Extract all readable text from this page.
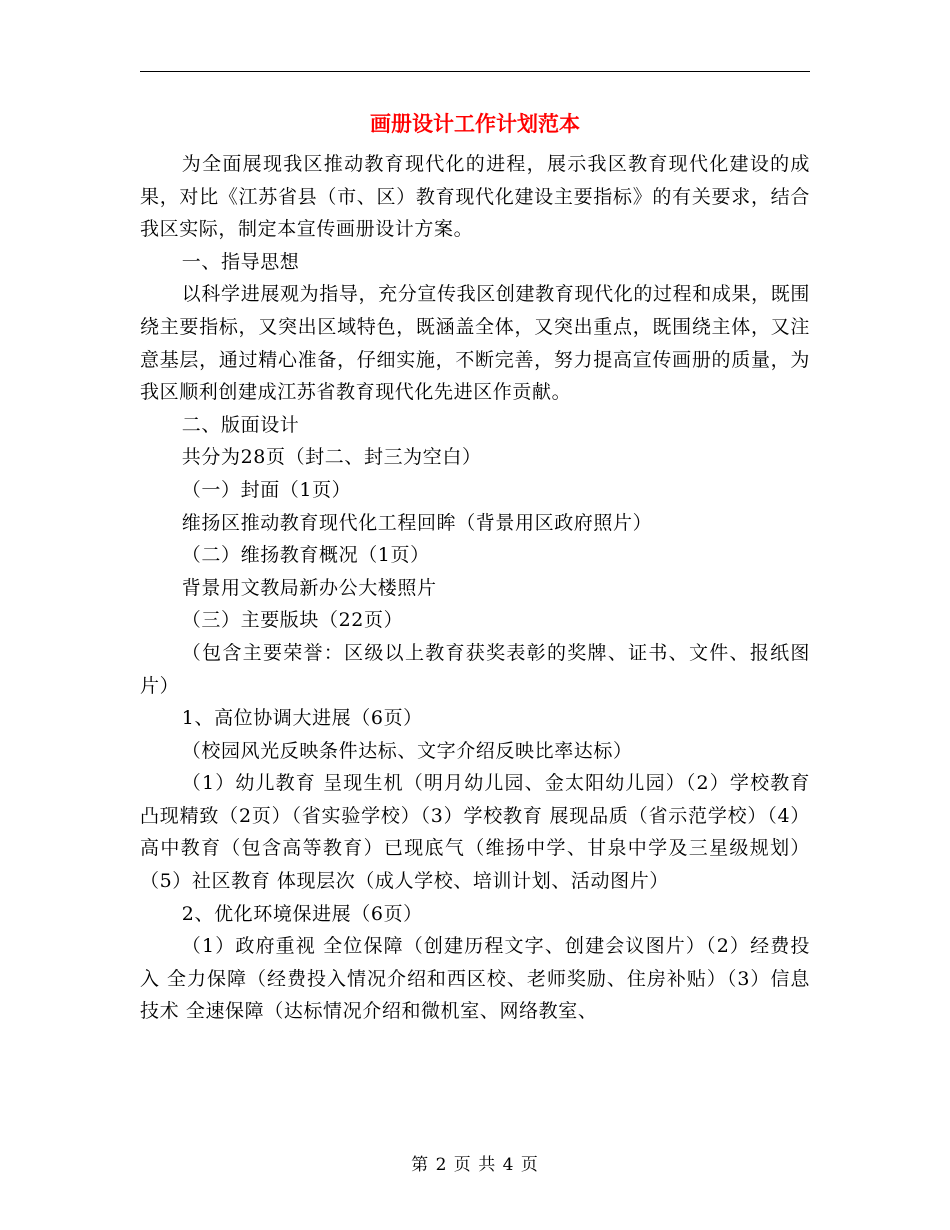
画册设计工作计划范本

为全面展现我区推动教育现代化的进程，展示我区教育现代化建设的成果，对比《江苏省县（市、区）教育现代化建设主要指标》的有关要求，结合我区实际，制定本宣传画册设计方案。

一、指导思想

以科学进展观为指导，充分宣传我区创建教育现代化的过程和成果，既围绕主要指标，又突出区域特色，既涵盖全体，又突出重点，既围绕主体，又注意基层，通过精心准备，仔细实施，不断完善，努力提高宣传画册的质量，为我区顺利创建成江苏省教育现代化先进区作贡献。

二、版面设计

共分为28页（封二、封三为空白）

（一）封面（1页）

维扬区推动教育现代化工程回眸（背景用区政府照片）

（二）维扬教育概况（1页）

背景用文教局新办公大楼照片

（三）主要版块（22页）

（包含主要荣誉：区级以上教育获奖表彰的奖牌、证书、文件、报纸图片）

1、高位协调大进展（6页）

（校园风光反映条件达标、文字介绍反映比率达标）

（1）幼儿教育 呈现生机（明月幼儿园、金太阳幼儿园）（2）学校教育 凸现精致（2页）（省实验学校）（3）学校教育 展现品质（省示范学校）（4）高中教育（包含高等教育）已现底气（维扬中学、甘泉中学及三星级规划）（5）社区教育 体现层次（成人学校、培训计划、活动图片）

2、优化环境保进展（6页）

（1）政府重视 全位保障（创建历程文字、创建会议图片）（2）经费投入 全力保障（经费投入情况介绍和西区校、老师奖励、住房补贴）（3）信息技术 全速保障（达标情况介绍和微机室、网络教室、

第 2 页 共 4 页
